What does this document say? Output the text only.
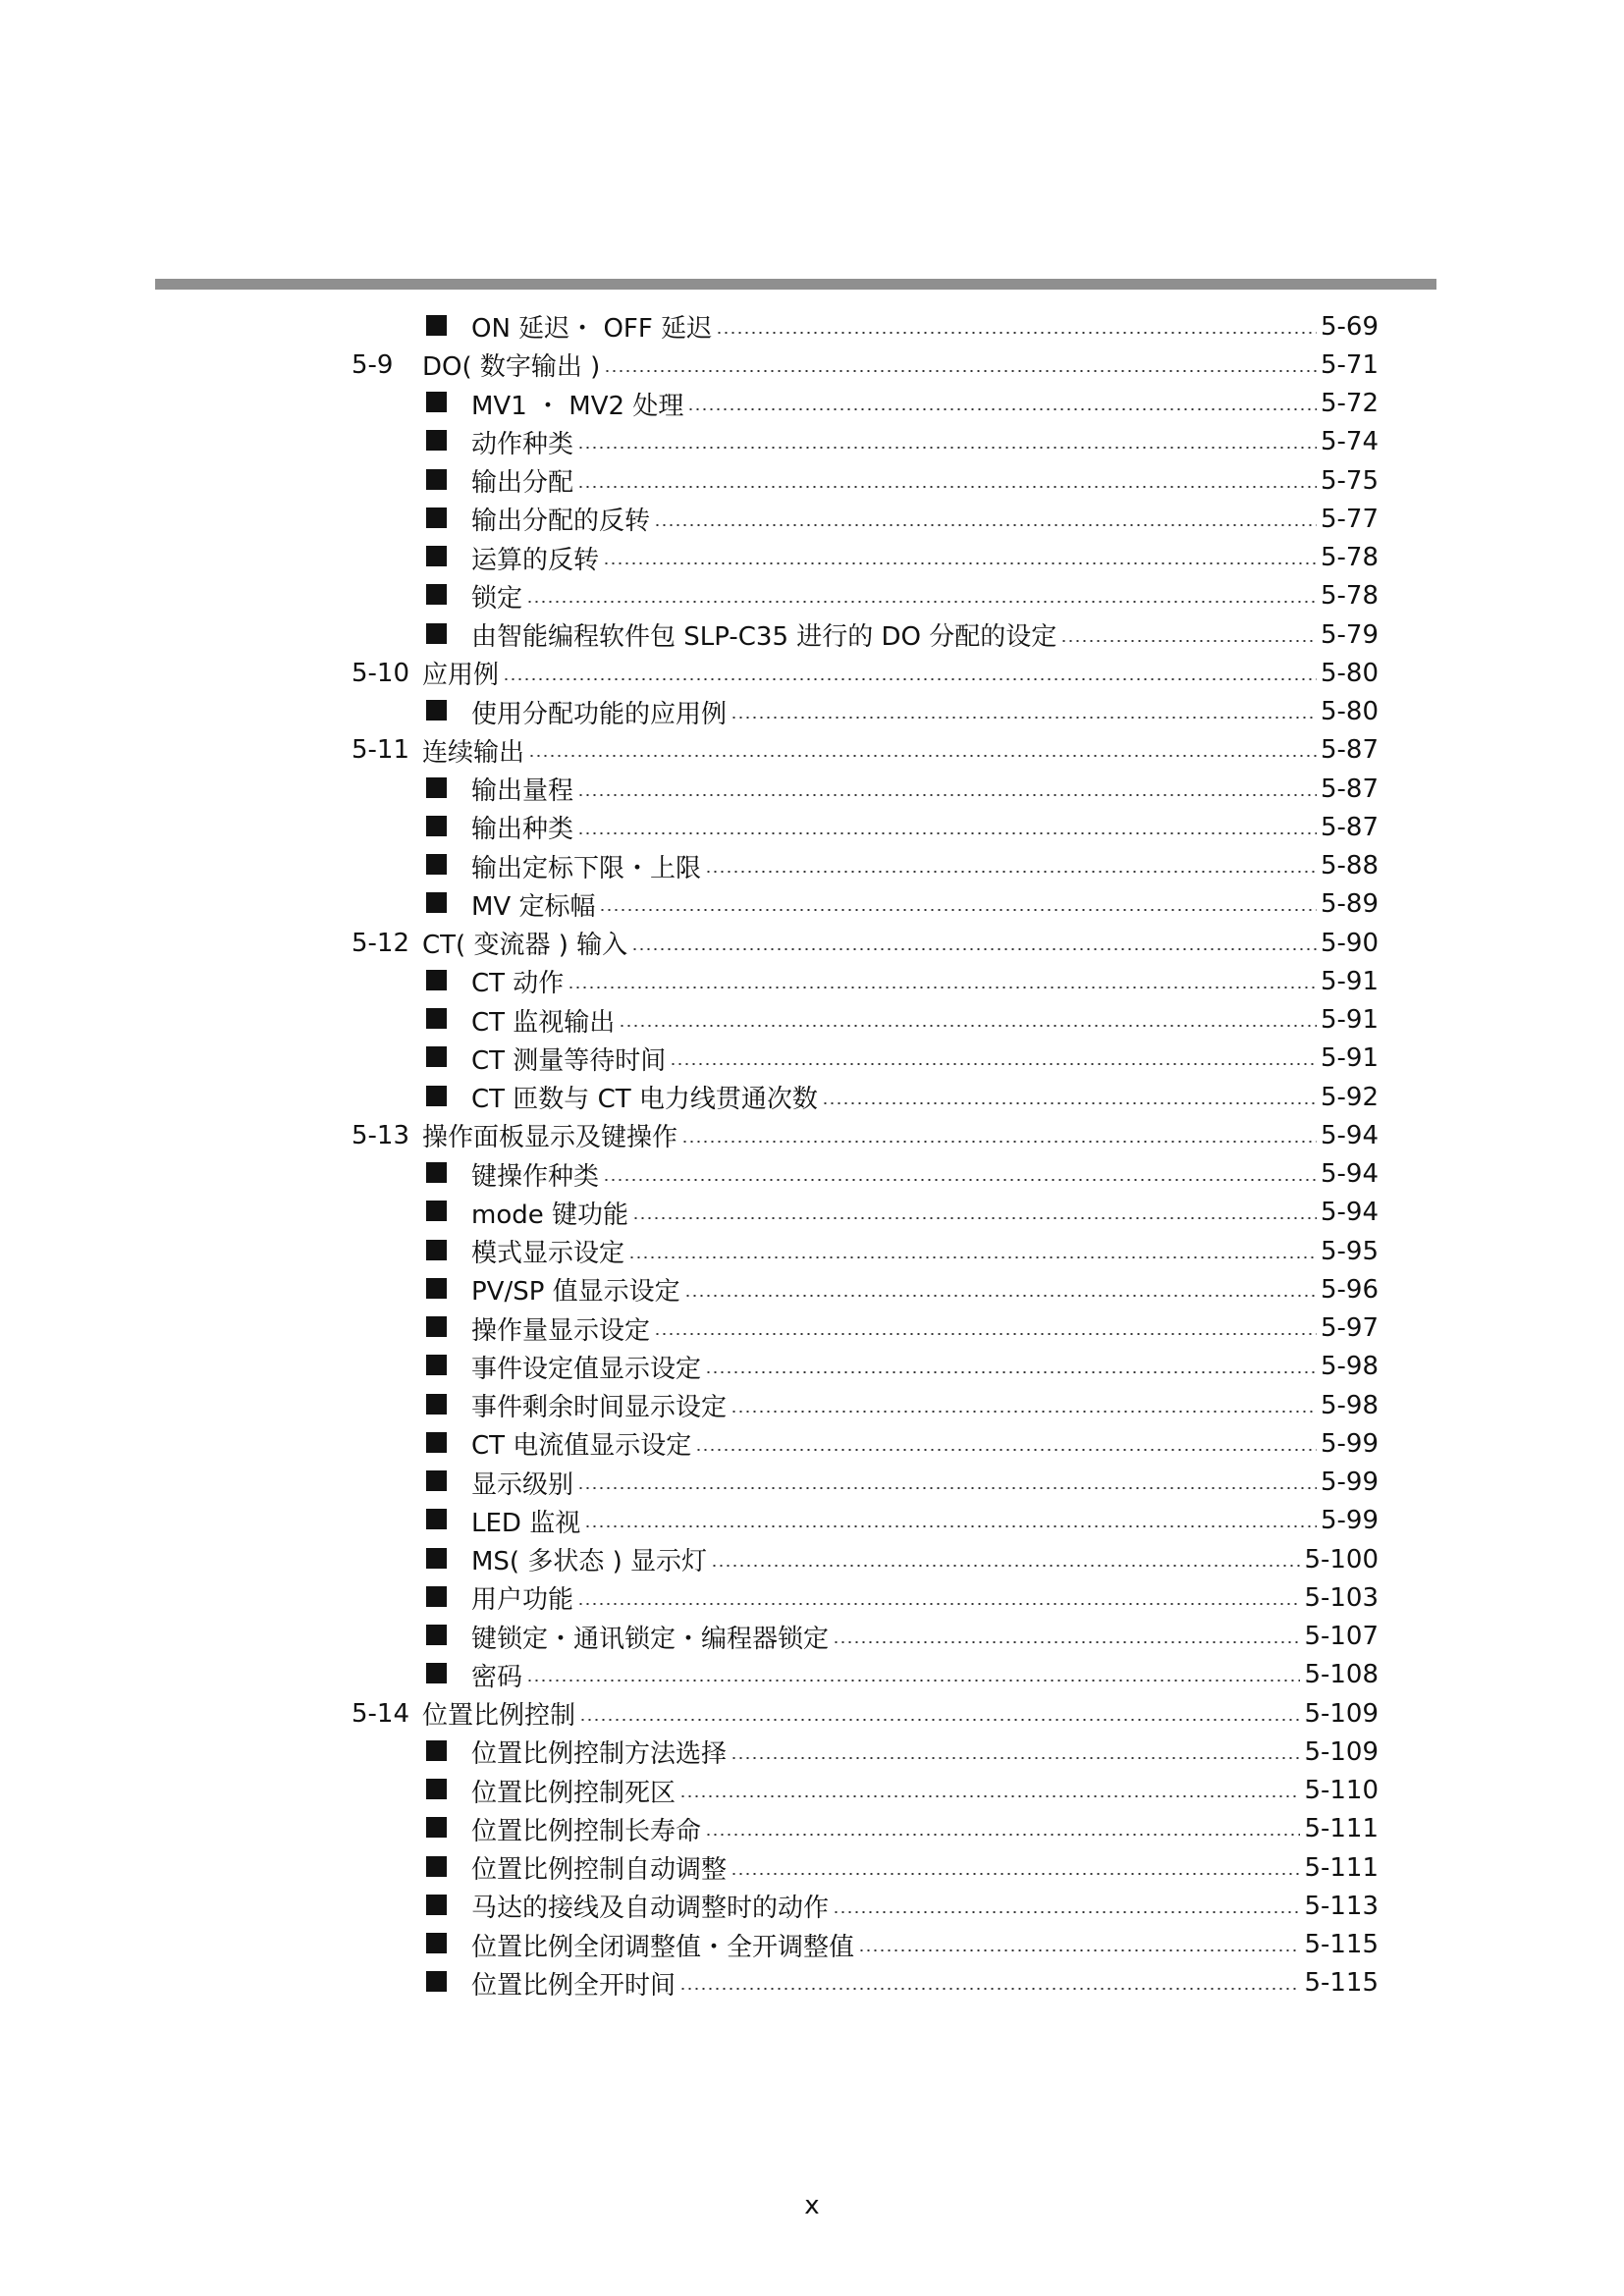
ON 延迟・ OFF 延迟	5-69
5-9	DO( 数字输出 )	5-71
MV1 ・ MV2 处理	5-72
动作种类	5-74
输出分配	5-75
输出分配的反转	5-77
运算的反转	5-78
锁定	5-78
由智能编程软件包 SLP-C35 进行的 DO 分配的设定	5-79
5-10 应用例	5-80
使用分配功能的应用例	5-80
5-11 连续输出	5-87
输出量程	5-87
输出种类	5-87
输出定标下限・上限	5-88
MV 定标幅	5-89
5-12 CT( 变流器 ) 输入	5-90
CT 动作	5-91
CT 监视输出	5-91
CT 测量等待时间	5-91
CT 匝数与 CT 电力线贯通次数	5-92
5-13 操作面板显示及键操作	5-94
键操作种类	5-94
mode 键功能	5-94
模式显示设定	5-95
PV/SP 值显示设定	5-96
操作量显示设定	5-97
事件设定值显示设定	5-98
事件剩余时间显示设定	5-98
CT 电流值显示设定	5-99
显示级别	5-99
LED 监视	5-99
MS( 多状态 ) 显示灯	5-100
用户功能	5-103
键锁定・通讯锁定・编程器锁定	5-107
密码	5-108
5-14 位置比例控制	5-109
位置比例控制方法选择	5-109
位置比例控制死区	5-110
位置比例控制长寿命	5-111
位置比例控制自动调整	5-111
马达的接线及自动调整时的动作	5-113
位置比例全闭调整值・全开调整值	5-115
位置比例全开时间	5-115
x
